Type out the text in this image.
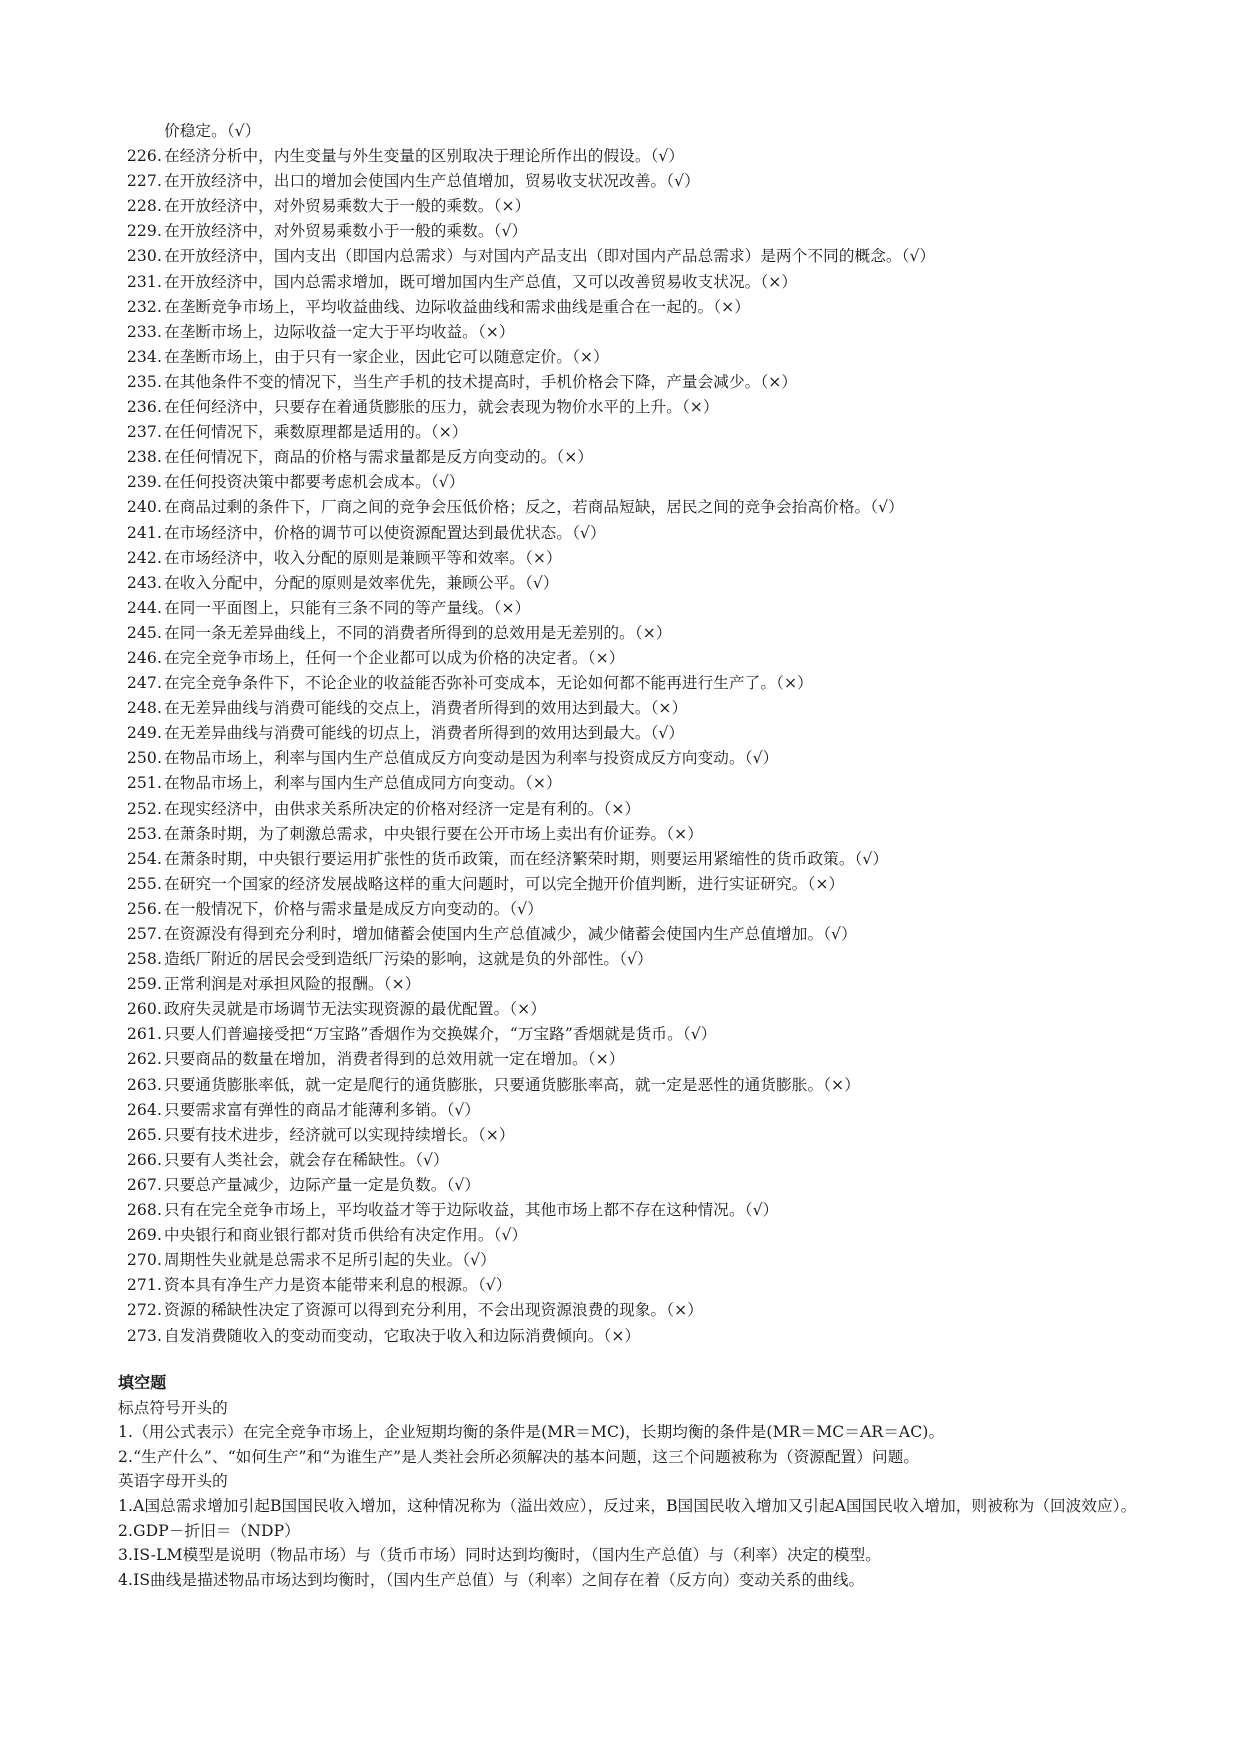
价稳定。（√）
226. 在经济分析中，内生变量与外生变量的区别取决于理论所作出的假设。（√）
227. 在开放经济中，出口的增加会使国内生产总值增加，贸易收支状况改善。（√）
228. 在开放经济中，对外贸易乘数大于一般的乘数。（×）
229. 在开放经济中，对外贸易乘数小于一般的乘数。（√）
230. 在开放经济中，国内支出（即国内总需求）与对国内产品支出（即对国内产品总需求）是两个不同的概念。（√）
231. 在开放经济中，国内总需求增加，既可增加国内生产总值，又可以改善贸易收支状况。（×）
232. 在垄断竞争市场上，平均收益曲线、边际收益曲线和需求曲线是重合在一起的。（×）
233. 在垄断市场上，边际收益一定大于平均收益。（×）
234. 在垄断市场上，由于只有一家企业，因此它可以随意定价。（×）
235. 在其他条件不变的情况下，当生产手机的技术提高时，手机价格会下降，产量会减少。（×）
236. 在任何经济中，只要存在着通货膨胀的压力，就会表现为物价水平的上升。（×）
237. 在任何情况下，乘数原理都是适用的。（×）
238. 在任何情况下，商品的价格与需求量都是反方向变动的。（×）
239. 在任何投资决策中都要考虑机会成本。（√）
240. 在商品过剩的条件下，厂商之间的竞争会压低价格；反之，若商品短缺，居民之间的竞争会抬高价格。（√）
241. 在市场经济中，价格的调节可以使资源配置达到最优状态。（√）
242. 在市场经济中，收入分配的原则是兼顾平等和效率。（×）
243. 在收入分配中，分配的原则是效率优先，兼顾公平。（√）
244. 在同一平面图上，只能有三条不同的等产量线。（×）
245. 在同一条无差异曲线上，不同的消费者所得到的总效用是无差别的。（×）
246. 在完全竞争市场上，任何一个企业都可以成为价格的决定者。（×）
247. 在完全竞争条件下，不论企业的收益能否弥补可变成本，无论如何都不能再进行生产了。（×）
248. 在无差异曲线与消费可能线的交点上，消费者所得到的效用达到最大。（×）
249. 在无差异曲线与消费可能线的切点上，消费者所得到的效用达到最大。（√）
250. 在物品市场上，利率与国内生产总值成反方向变动是因为利率与投资成反方向变动。（√）
251. 在物品市场上，利率与国内生产总值成同方向变动。（×）
252. 在现实经济中，由供求关系所决定的价格对经济一定是有利的。（×）
253. 在萧条时期，为了刺激总需求，中央银行要在公开市场上卖出有价证券。（×）
254. 在萧条时期，中央银行要运用扩张性的货币政策，而在经济繁荣时期，则要运用紧缩性的货币政策。（√）
255. 在研究一个国家的经济发展战略这样的重大问题时，可以完全抛开价值判断，进行实证研究。（×）
256. 在一般情况下，价格与需求量是成反方向变动的。（√）
257. 在资源没有得到充分利时，增加储蓄会使国内生产总值减少，减少储蓄会使国内生产总值增加。（√）
258. 造纸厂附近的居民会受到造纸厂污染的影响，这就是负的外部性。（√）
259. 正常利润是对承担风险的报酬。（×）
260. 政府失灵就是市场调节无法实现资源的最优配置。（×）
261. 只要人们普遍接受把“万宝路”香烟作为交换媒介，“万宝路”香烟就是货币。（√）
262. 只要商品的数量在增加，消费者得到的总效用就一定在增加。（×）
263. 只要通货膨胀率低，就一定是爬行的通货膨胀，只要通货膨胀率高，就一定是恶性的通货膨胀。（×）
264. 只要需求富有弹性的商品才能薄利多销。（√）
265. 只要有技术进步，经济就可以实现持续增长。（×）
266. 只要有人类社会，就会存在稀缺性。（√）
267. 只要总产量减少，边际产量一定是负数。（√）
268. 只有在完全竞争市场上，平均收益才等于边际收益，其他市场上都不存在这种情况。（√）
269. 中央银行和商业银行都对货币供给有决定作用。（√）
270. 周期性失业就是总需求不足所引起的失业。（√）
271. 资本具有净生产力是资本能带来利息的根源。（√）
272. 资源的稀缺性决定了资源可以得到充分利用，不会出现资源浪费的现象。（×）
273. 自发消费随收入的变动而变动，它取决于收入和边际消费倾向。（×）
填空题
标点符号开头的
1.（用公式表示）在完全竞争市场上，企业短期均衡的条件是(MR＝MC)，长期均衡的条件是(MR＝MC＝AR＝AC)。
2.“生产什么”、“如何生产”和“为谁生产”是人类社会所必须解决的基本问题，这三个问题被称为（资源配置）问题。
英语字母开头的
1.A国总需求增加引起B国国民收入增加，这种情况称为（溢出效应），反过来，B国国民收入增加又引起A国国民收入增加，则被称为（回波效应）。
2.GDP－折旧＝（NDP）
3.IS-LM模型是说明（物品市场）与（货币市场）同时达到均衡时，（国内生产总值）与（利率）决定的模型。
4.IS曲线是描述物品市场达到均衡时，（国内生产总值）与（利率）之间存在着（反方向）变动关系的曲线。
